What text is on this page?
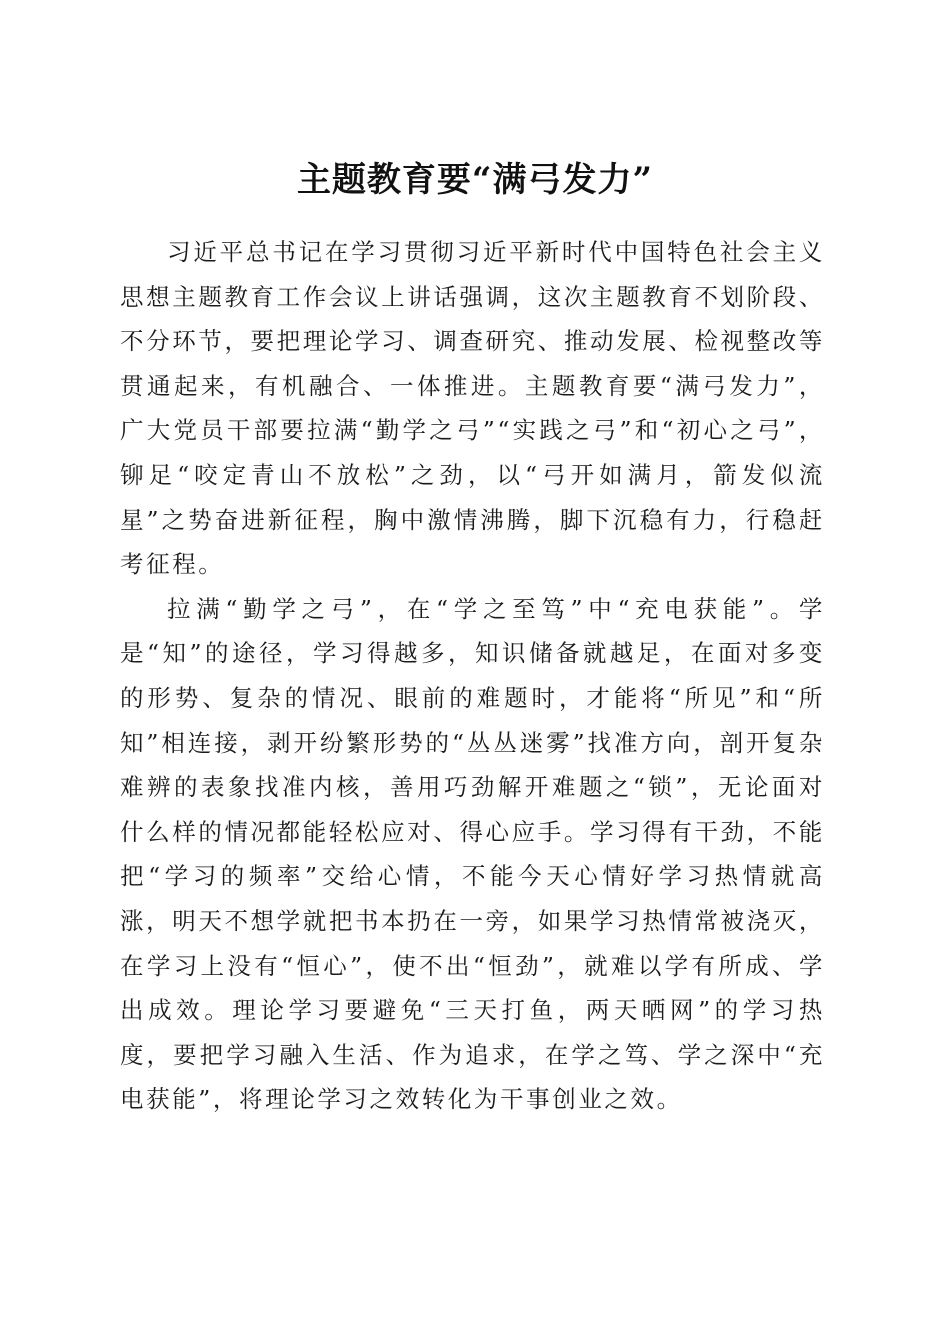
主题教育要“满弓发力”

习近平总书记在学习贯彻习近平新时代中国特色社会主义思想主题教育工作会议上讲话强调，这次主题教育不划阶段、不分环节，要把理论学习、调查研究、推动发展、检视整改等贯通起来，有机融合、一体推进。主题教育要“满弓发力”，广大党员干部要拉满“勤学之弓”“实践之弓”和“初心之弓”，铆足“咬定青山不放松”之劲，以“弓开如满月，箭发似流星”之势奋进新征程，胸中激情沸腾，脚下沉稳有力，行稳赶考征程。

拉满“勤学之弓”，在“学之至笃”中“充电获能”。学是“知”的途径，学习得越多，知识储备就越足，在面对多变的形势、复杂的情况、眼前的难题时，才能将“所见”和“所知”相连接，剥开纷繁形势的“丛丛迷雾”找准方向，剖开复杂难辨的表象找准内核，善用巧劲解开难题之“锁”，无论面对什么样的情况都能轻松应对、得心应手。学习得有干劲，不能把“学习的频率”交给心情，不能今天心情好学习热情就高涨，明天不想学就把书本扔在一旁，如果学习热情常被浇灭，在学习上没有“恒心”，使不出“恒劲”，就难以学有所成、学出成效。理论学习要避免“三天打鱼，两天晒网”的学习热度，要把学习融入生活、作为追求，在学之笃、学之深中“充电获能”，将理论学习之效转化为干事创业之效。
